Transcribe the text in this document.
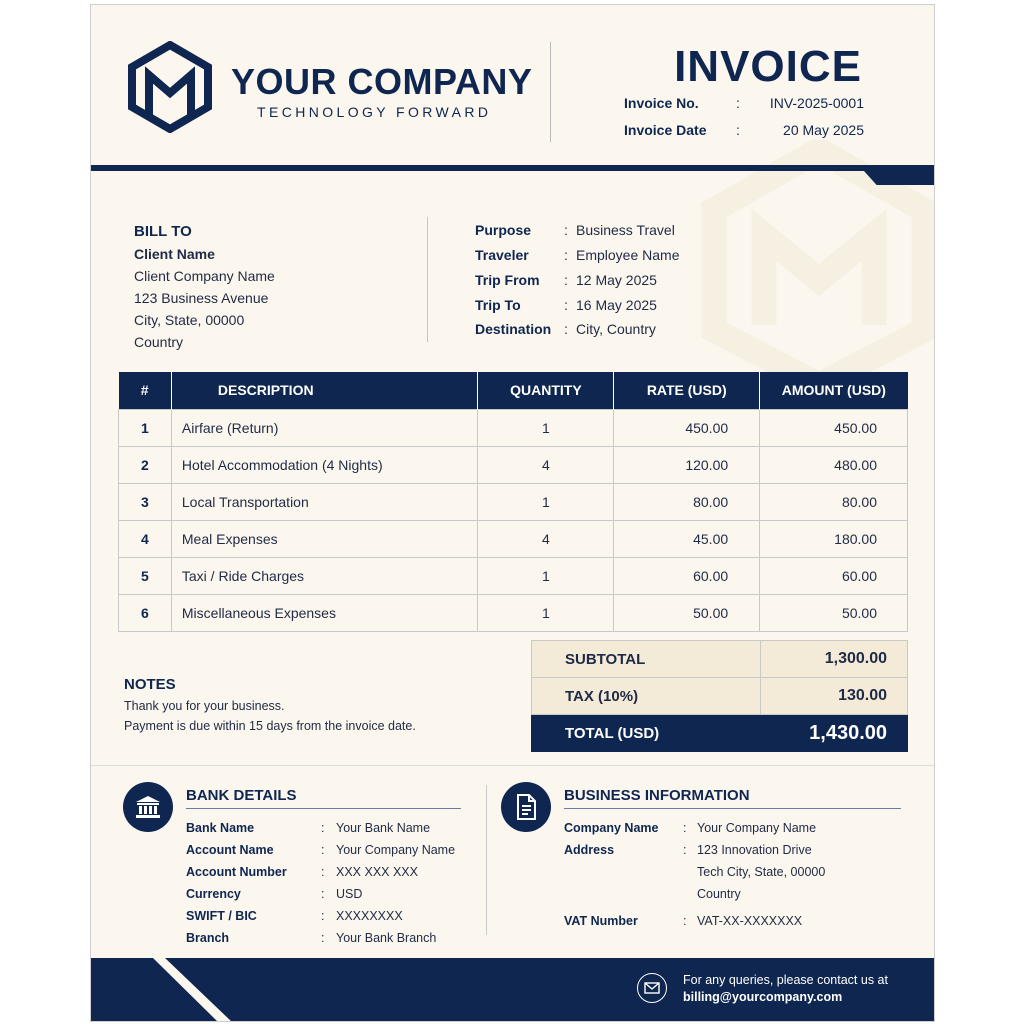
YOUR COMPANY
TECHNOLOGY FORWARD
INVOICE
Invoice No.	: INV-2025-0001
Invoice Date :	20 May 2025
BILL TO
Client Name
Client Company Name
123 Business Avenue
City, State, 00000
Country
Purpose : Business Travel
Traveler	: Employee Name
Trip From : 12 May 2025
Trip To	: 16 May 2025
Destination : City, Country
#	DESCRIPTION	QUANTITY	RATE (USD)	AMOUNT (USD)
1	Airfare (Return)	1	450.00	450.00
2	Hotel Accommodation (4 Nights)	4	120.00	480.00
3	Local Transportation	1	80.00	80.00
4	Meal Expenses	4	45.00	180.00
5	Taxi / Ride Charges	1	60.00	60.00
6	Miscellaneous Expenses	1	50.00	50.00
NOTES
Thank you for your business.
Payment is due within 15 days from the invoice date.
SUBTOTAL	1,300.00
TAX (10%)	130.00
TOTAL (USD)	1,430.00
BANK DETAILS
Bank Name	: Your Bank Name
Account Name	: Your Company Name
Account Number	: XXX XXX XXX
Currency	: USD
SWIFT / BIC	: XXXXXXXX
Branch	: Your Bank Branch
BUSINESS INFORMATION
Company Name : Your Company Name
Address	: 123 Innovation Drive
Tech City, State, 00000
Country
VAT Number	: VAT-XX-XXXXXXX
For any queries, please contact us at
billing@yourcompany.com
